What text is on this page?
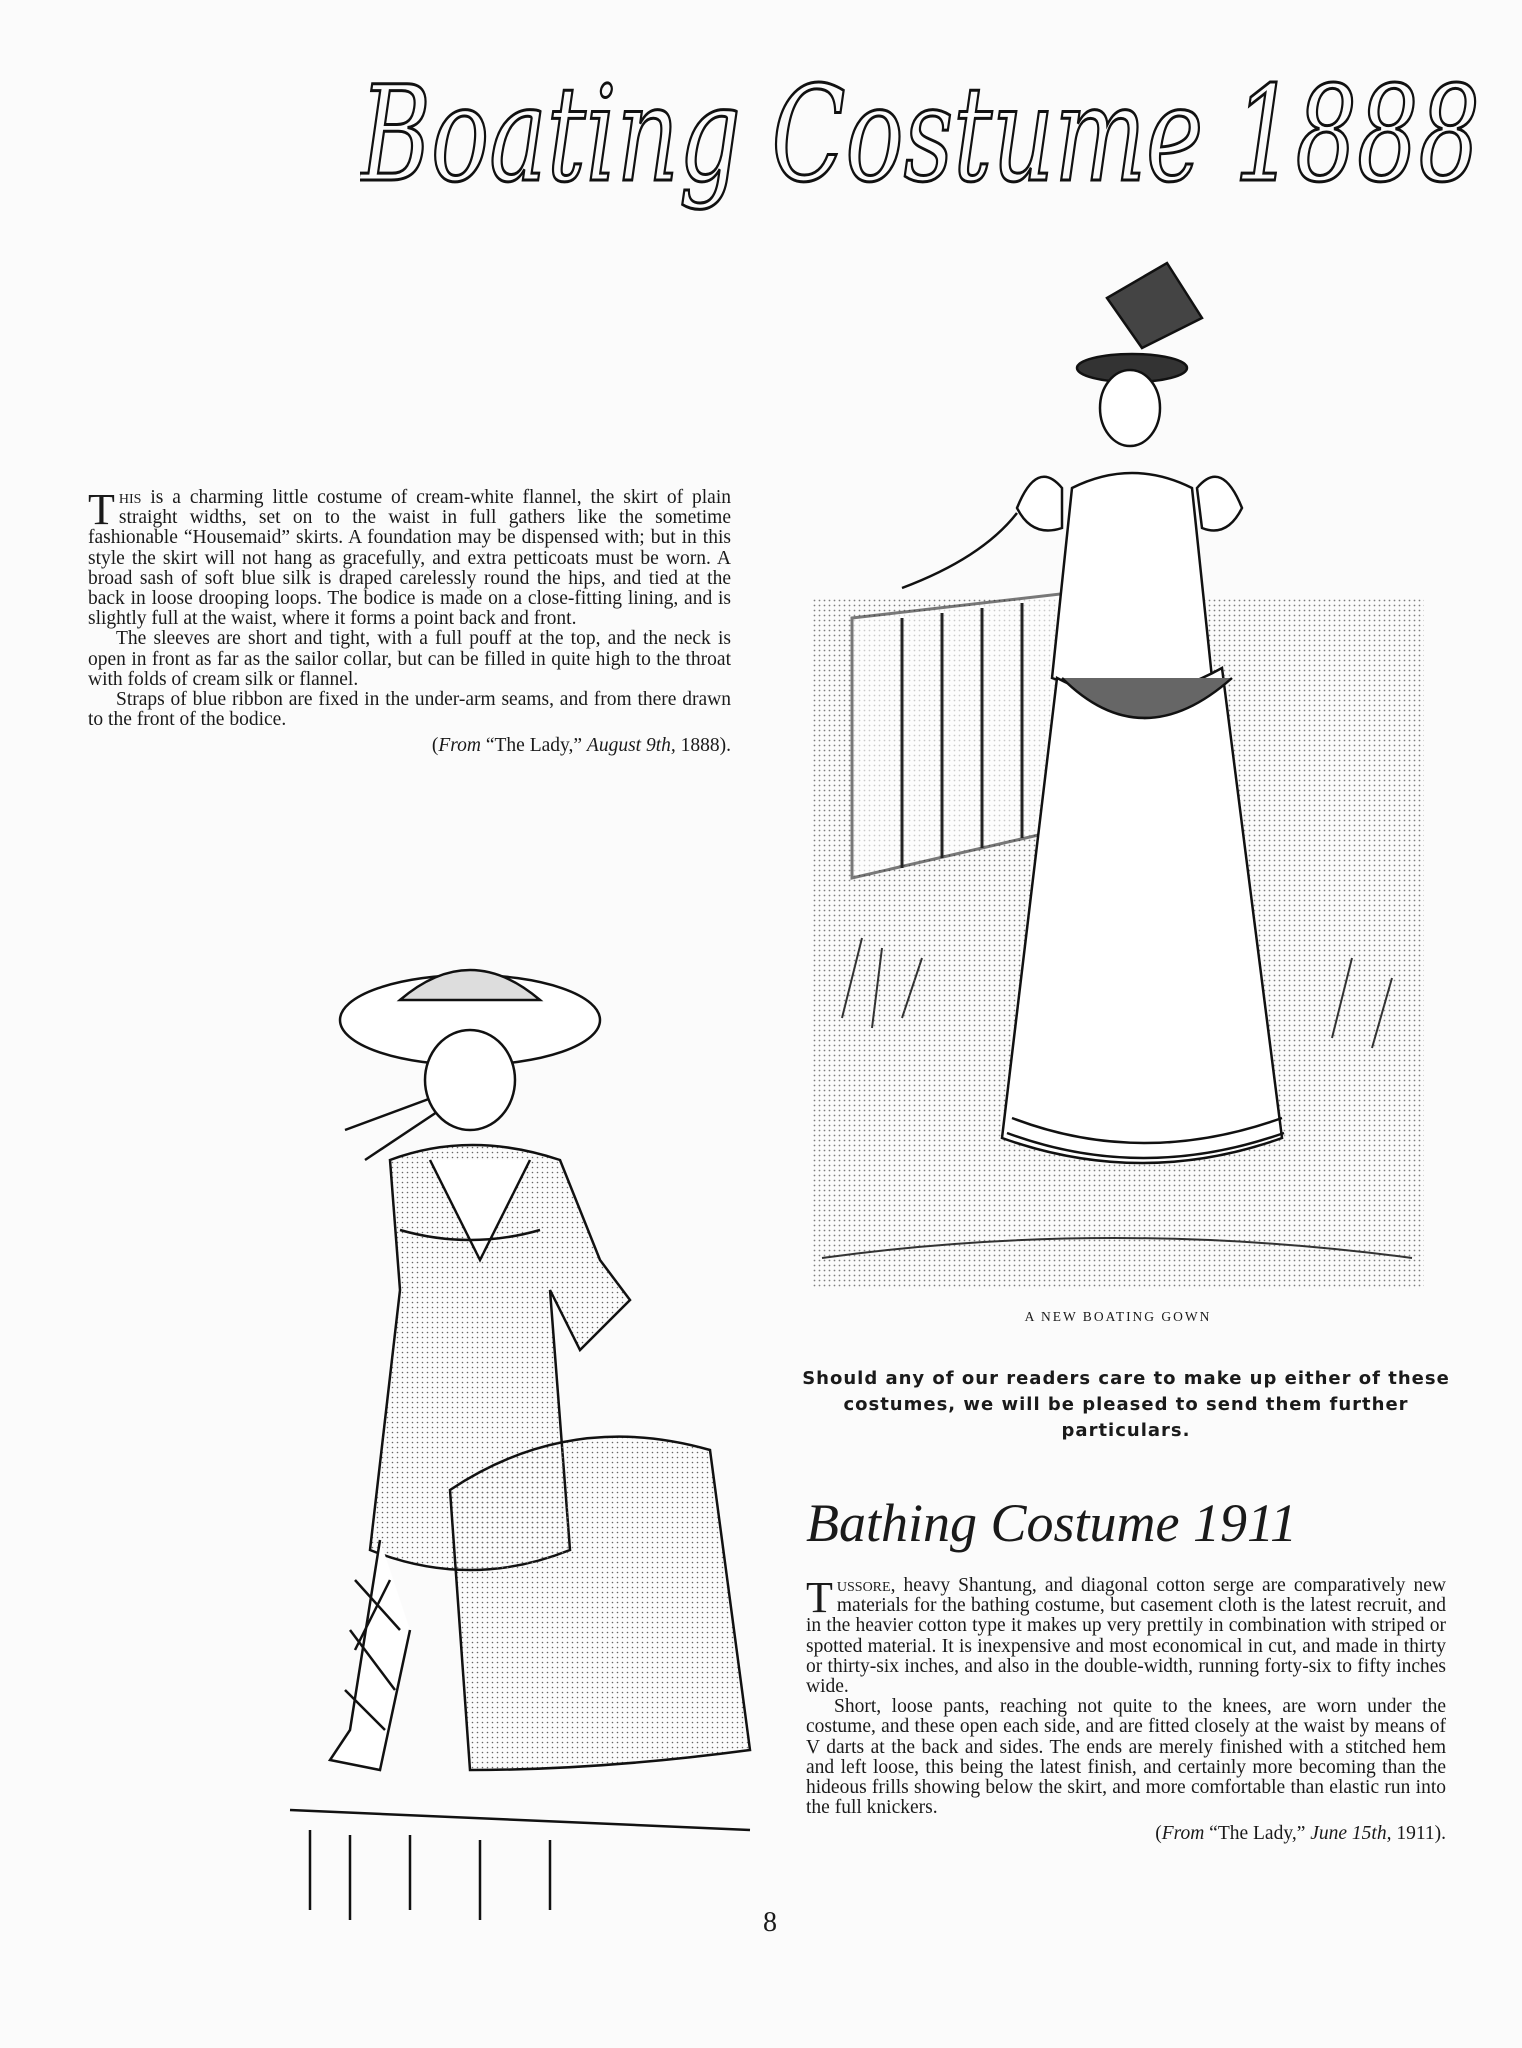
Boating Costume 1888

This is a charming little costume of cream-white flannel, the skirt of plain straight widths, set on to the waist in full gathers like the sometime fashionable “Housemaid” skirts. A foundation may be dispensed with; but in this style the skirt will not hang as gracefully, and extra petticoats must be worn. A broad sash of soft blue silk is draped carelessly round the hips, and tied at the back in loose drooping loops. The bodice is made on a close-fitting lining, and is slightly full at the waist, where it forms a point back and front.

The sleeves are short and tight, with a full pouff at the top, and the neck is open in front as far as the sailor collar, but can be filled in quite high to the throat with folds of cream silk or flannel.

Straps of blue ribbon are fixed in the under-arm seams, and from there drawn to the front of the bodice.

(From “The Lady,” August 9th, 1888).
A NEW BOATING GOWN
Should any of our readers care to make up either of these costumes, we will be pleased to send them further particulars.
Bathing Costume 1911

Tussore, heavy Shantung, and diagonal cotton serge are comparatively new materials for the bathing costume, but casement cloth is the latest recruit, and in the heavier cotton type it makes up very prettily in combination with striped or spotted material. It is inexpensive and most economical in cut, and made in thirty or thirty-six inches, and also in the double-width, running forty-six to fifty inches wide.

Short, loose pants, reaching not quite to the knees, are worn under the costume, and these open each side, and are fitted closely at the waist by means of V darts at the back and sides. The ends are merely finished with a stitched hem and left loose, this being the latest finish, and certainly more becoming than the hideous frills showing below the skirt, and more comfortable than elastic run into the full knickers.

(From “The Lady,” June 15th, 1911).
8
